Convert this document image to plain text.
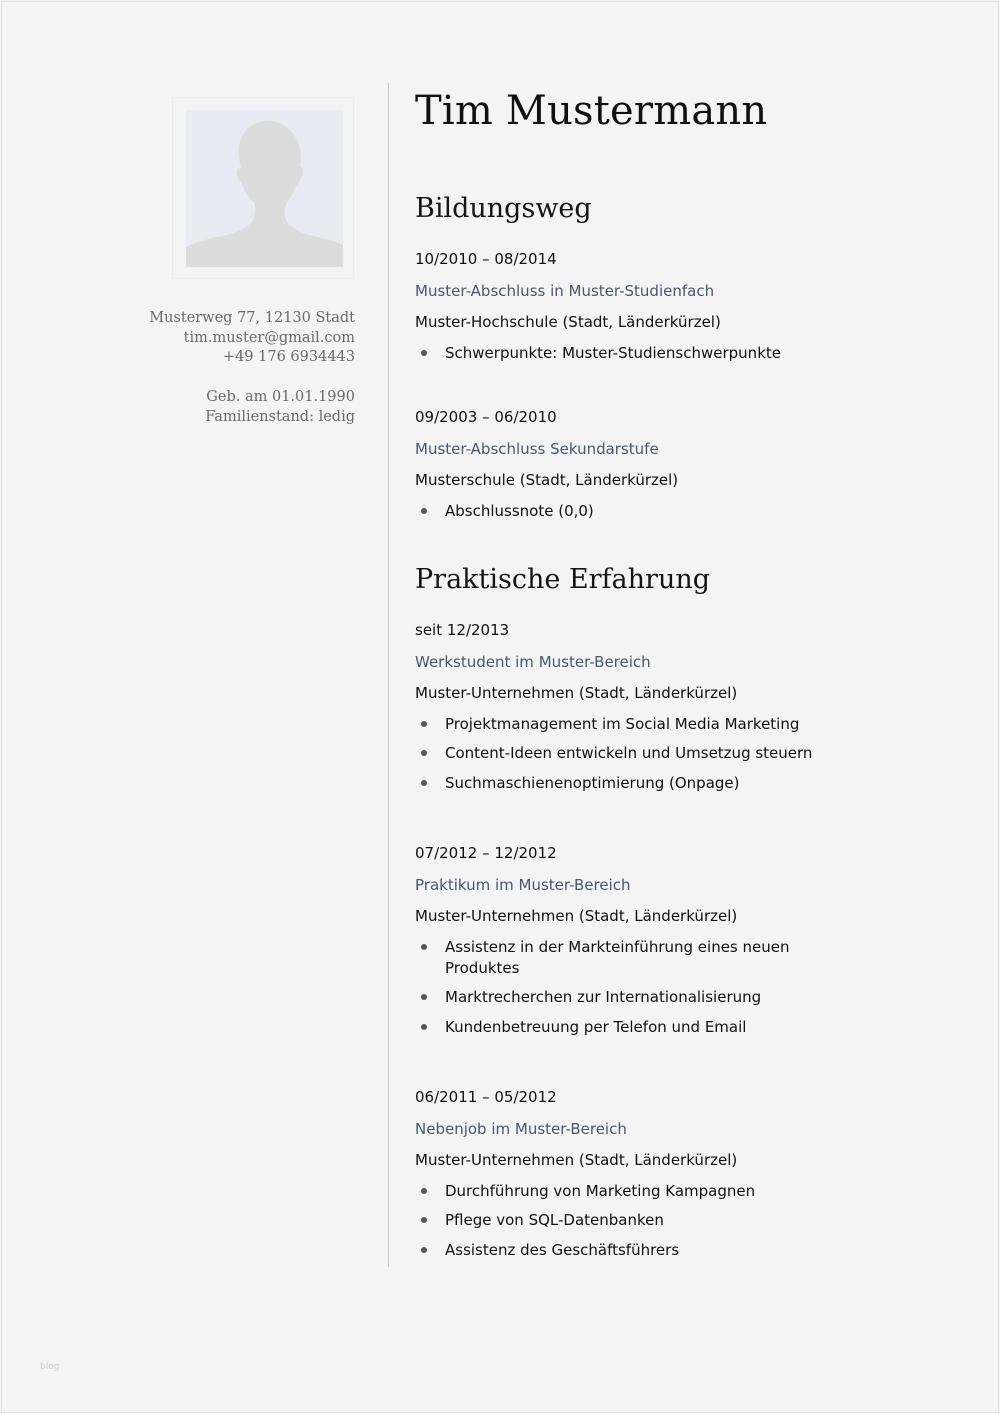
Musterweg 77, 12130 Stadt
tim.muster@gmail.com
+49 176 6934443
Geb. am 01.01.1990
Familienstand: ledig
Tim Mustermann
Bildungsweg
10/2010 – 08/2014
Muster-Abschluss in Muster-Studienfach
Muster-Hochschule (Stadt, Länderkürzel)
Schwerpunkte: Muster-Studienschwerpunkte
09/2003 – 06/2010
Muster-Abschluss Sekundarstufe
Musterschule (Stadt, Länderkürzel)
Abschlussnote (0,0)
Praktische Erfahrung
seit 12/2013
Werkstudent im Muster-Bereich
Muster-Unternehmen (Stadt, Länderkürzel)
Projektmanagement im Social Media Marketing
Content-Ideen entwickeln und Umsetzug steuern
Suchmaschienenoptimierung (Onpage)
07/2012 – 12/2012
Praktikum im Muster-Bereich
Muster-Unternehmen (Stadt, Länderkürzel)
Assistenz in der Markteinführung eines neuen Produktes
Marktrecherchen zur Internationalisierung
Kundenbetreuung per Telefon und Email
06/2011 – 05/2012
Nebenjob im Muster-Bereich
Muster-Unternehmen (Stadt, Länderkürzel)
Durchführung von Marketing Kampagnen
Pflege von SQL-Datenbanken
Assistenz des Geschäftsführers
blog
